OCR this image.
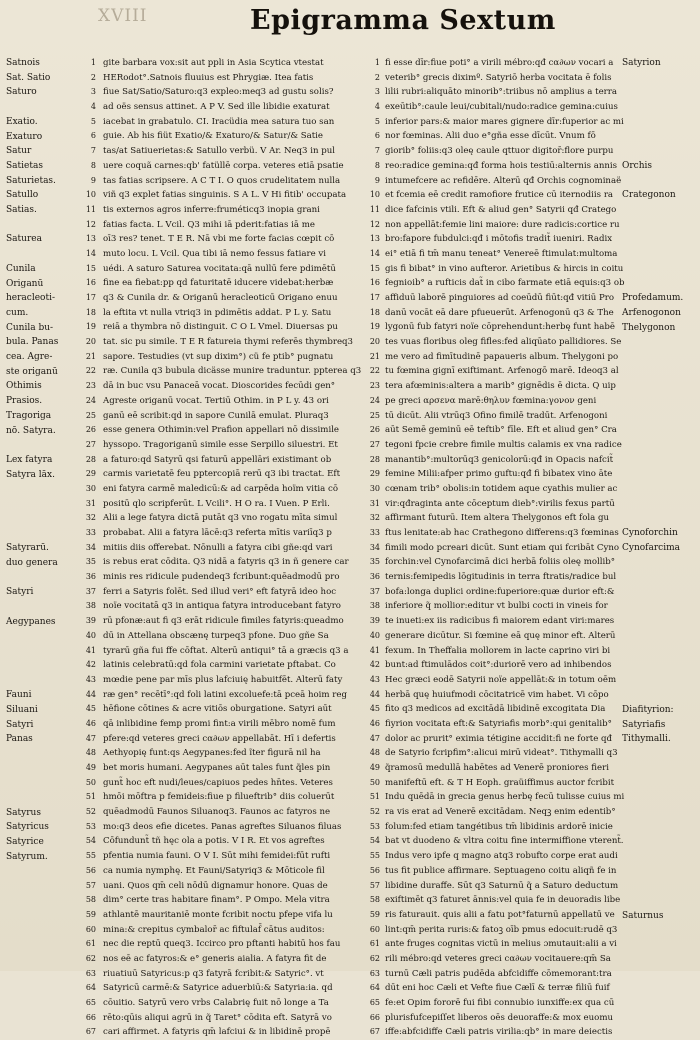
XVIII	Epigramma Sextum
Satnois
Sat. Satio
Saturo
Exatio.
Exaturo
Satur
Satietas
Saturietas.
Satullo
Satias.
Saturea
Cunila
Origanū
heracleoti-
cum.
Cunila bu-
bula. Panas
cea. Agre-
ste origanū
Othimis
Prasios.
Tragoriga
nō. Satyra.
Lex fatyra
Satyra lāx.
Satyrarū.
duo genera
Satyri
Aegypanes
Fauni
Siluani
Satyri
Panas
Satyrus
Satyricus
Satyrice
Satyrum.
1
2
3
4
5
6
7
8
9
10
11
12
13
14
15
16
17
18
19
20
21
22
23
24
25
26
27
28
29
30
31
32
33
34
35
36
37
38
39
40
41
42
43
44
45
46
47
48
49
50
51
52
53
54
55
56
57
58
59
60
61
62
63
64
65
66
67
gite barbara vox:sit aut ppli in Asia Scytica vtestat
HERodot°.Satnois fluuius est Phrygiæ. Itea fatis
fiue Sat/Satio/Saturo:q3 expleo:meq3 ad gustu solis?
ad oës sensus attinet. A P V. Sed ille libidie exaturat
iacebat in grabatulo. CI. Iracüdia mea satura tuo san
guie. Ab his fiüt Exatio/& Exaturo/& Satur/& Satie
tas/at Satiuerietas:& Satullo verbü. V Ar. Neq3 in pul
uere coquã carnes:qb' fatüllē corpa. veteres etiā psatie
tas fatias scripsere. A C T I. O quos crudelitatem nulla
viñ q3 explet fatias singuinis. S A L. V Hi fitib' occupata
tis externos agros inferre:fruméticq3 inopia grani
fatias facta. L Vcil. Q3 mihi iā pderit:fatias iā me
oī3 res? tenet. T E R. Nā vbi me forte facias cœpit cō
muto locu. L Vcil. Qua tibi iā nemo fessus fatiare vi
uédi. A saturo Saturea vocitata:qā nullū fere pdimētū
fine ea fiebat:pp qd faturitatē iducere videbat:herbæ
q3 & Cunila dr. & Origanū heracleoticū Origano enuu
la eftita vt nulla vtriq3 in pdimētis addat. P L y. Satu
reiā a thymbra nō distinguit. C O L Vmel. Diuersas pu
tat. sic pu simile. T E R fatureia thymi referēs thymbreq3
sapore. Testudies (vt sup dixim°) cü fe ptib° pugnatu
ræ. Cunila q3 bubula dicässe munire traduntur. ppterea q3
dā in buc vsu Panaceā vocat. Dioscorides fecūdi gen°
Agreste origanū vocat. Tertiū Othim. in P L y. 43 ori
ganū eē scribit:qd in sapore Cunilā emulat. Pluraq3
esse genera Othimin:vel Prafion appellari nō dissimile
hyssopo. Tragoriganū simile esse Serpillo siluestri. Et
a faturo:qd Satyrū qsi faturū appellāri existimant ob
carmis varietatē feu pptercopiā rerū q3 ibi tractat. Eft
eni fatyra carmē maledicū:& ad carpēda hoïm vitia cō
positū qlo scripferūt. L Vcili°. H O ra. I Vuen. P Erli.
Alii a lege fatyra dictā putāt q3 vno rogatu mīta simul
probabat. Alii a fatyra lācē:q3 referta mītis variīq3 p
mitiis diis offerebat. Nōnulli a fatyra cibi gñe:qd vari
is rebus erat cōdita. Q3 nidā a fatyris q3 in ñ genere car
minis res ridicule pudendeq3 fcribunt:quēadmodū pro
ferri a Satyris folēt. Sed illud veri° eft fatyrā ideo hoc
noïe vocitatā q3 in antiqua fatyra introducebant fatyro
rū pfonæ:aut fi q3 erāt ridicule fimiles fatyris:queadmo
dū in Attellana obscænę turpeq3 pfone. Duo gñe Sa
tyrarū gña fui ffe cōftat. Alterū antiqui° tā a græcis q3 a
latinis celebratū:qd fola carmini varietate pftabat. Co
mœdie pene par mīs plus lafciuię habuitfēt. Alterū faty
ræ gen° recētī°:qd foli latini excoluefe:tā pceā hoim reg
hēfione cōtines & acre vitiōs oburgatione. Satyri aūt
qā inlibidine femp promi fint:a virili mēbro nomē fum
pfere:qd veteres greci cα∂ων appellabāt. Hī i defertis
Aethyopię funt:qs Aegypanes:fed ĩter figurā nil ha
bet moris humani. Aegypanes aūt tales funt q̃les pin
gunt̃ hoc eft nudi/leues/capiuos pedes hn̄tes. Veteres
hmōi mōftra p femideis:fiue p filueftrib° diis coluerūt
quēadmodū Faunos Siluanoq3. Faunos ac fatyros ne
mo:q3 deos efie dicetes. Panas agreftes Siluanos filuas
Cōfundunt̃ tñ hęc ola a potis. V I R. Et vos agreftes
pfentia numia fauni. O V I. Sūt mihi femidei:fūt rufti
ca numia nymphę. Et Fauni/Satyriq3 & Mōticole fil
uani. Quos qm̄ celi nōdū dignamur honore. Quas de
dim° certe tras habitare finam°. P Ompo. Mela vitra
athlantē mauritaniē monte fcribit noctu pfepe vifa lu
mina:& crepitus cymbalor̄ ac fiftulaf̄ cātus auditos:
nec die reptū queq3. Iccirco pro pftanti habitū hos fau
nos eē ac fatyros:& e° generis aialia. A fatyra fit de
riuatiuū Satyricus:p q3 fatyrā fcribit:& Satyric°. vt
Satyricū carmē:& Satyrice aduerbiū:& Satyria:ia. qd
cōuitio. Satyrū vero vrbs Calabrię fuit nō longe a Ta
rēto:qūis aliqui agrū in q̃ Taret° cōdita eft. Satyrā vo
cari affirmet. A fatyris qm̄ lafciui & in libidinē propē
1
2
3
4
5
6
7
8
9
10
11
12
13
14
15
16
17
18
19
20
21
22
23
24
25
26
27
28
29
30
31
32
33
34
35
36
37
38
39
40
41
42
43
44
45
46
47
48
49
50
51
52
53
54
55
56
57
58
59
60
61
62
63
64
65
66
67
fi esse dīr:fiue poti° a virili mébro:qđ cα∂ων vocari a
veterib° grecis diximº. Satyriō herba vocitata ē folis
lilii rubri:aliquāto minorib°:triibus nō amplius a terra
exeūtib°:caule leui/cubitali/nudo:radice gemina:cuius
inferior pars:& maior mares gignere dīr:fuperior ac mi
nor fœminas. Alii duo e°gña esse dīcūt. Vnum fō
giorib° foliis:q3 oleę caule qttuor digitor̄:flore purpu
reo:radice gemina:qđ forma hois testiū:alternis annis
intumefcere ac refidēre. Alterū qđ Orchis cognominaë
et fcemia eē credit ramofiore frutice cū iternodiis ra
dice fafcinis vtili. Eft & aliud gen° Satyrii qđ Cratego
non appellāt:femie lini maiore: dure radicis:cortice ru
bro:fapore fubdulci:qđ i mōtofis tradit̃ iueniri. Radix
ei° etiā fi tm̄ manu teneat° Venereē ftimulat:multoma
gis fi bibat° in vino aufteror. Arietibus & hircis in coitu
fegnioib° a rufticis dat̃ in cibo farmate etiā equis:q3 ob
affiduū laborē pinguiores ad coeūdū fiūt:qđ vitiū Pro
danū vocāt eā dare pfueuerūt. Arfenogonū q3 & The
lygonū fub fatyri noïe cōprehendunt:herbę funt habē
tes vuas floribus oleg fifles:fed aliqūato pallidiores. Se
me vero ad fimītudinē papaueris album. Thelygoni po
tu fœmina gignī exiftimant. Arfenogō marē. Ideoq3 al
tera afœminis:altera a marib° gignēdis ē dicta. Q uip
pe greci αρσενα marē:θηλυν fœmina:γονον geni
tū dicūt. Alii vtrūq3 Ofino fimilē tradūt. Arfenogoni
aūt Semē geminū eē teftib° fīle. Eft et aliud gen° Cra
tegoni fpcie crebre fimile multis calamis ex vna radice
manantib°:multorūq3 genicolorū:qđ in Opacis nafcit̃
femine Milii:afper primo guftu:qđ fi bibatex vino āte
cœnam trib° obolis:in totidem aque cyathis mulier ac
vir:qđraginta ante cōceptum dieb°:virilis fexus partū
affirmant futurū. Item altera Thelygonos eft fola gu
ftus lenitate:ab hac Crathegono differens:q3 fœminas
fimili modo pcreari dicūt. Sunt etiam qui fcribāt Cyno
forchin:vel Cynofarcimā dici herbā foliis oleę mollib°
ternis:femipedis lōgitudinis in terra ftratis/radice bul
bofa:longa duplici ordine:fuperiore:quæ durior eft:&
inferiore q̃ mollior:editur vt bulbi cocti in vineis for
te inueti:ex iis radicibus fi maiorem edant viri:mares
generare dicūtur. Si fœmine eā quę minor eft. Alterū
fexum. In Theffalia mollorem in lacte caprino viri bi
bunt:ad ftimulādos coit°:duriorē vero ad inhibendos
Hec græci eodē Satyrii noïe appellāt:& in totum oēm
herbā quę huiufmodi cōcitatricē vim habet. Vi cōpo
fito q3 medicos ad excitādā libidinē excogitata Dia
fiyrion vocitata eft:& Satyriafis morb°:qui genitalib°
dolor ac prurit° eximia tétigine accidit:fi ne forte qđ
de Satyrio fcripfim°:alicui mirū videat°. Tithymalli q3
q̃ramosū medullā habētes ad Venerē proniores fieri
manifeftū eft. & T H Eoph. graüiffimus auctor fcribit
Indu quēdā in grecia genus herbę fecū tulisse cuius mi
ra vis erat ad Venerē excitādam. Neqꝫ enim edentib°
folum:fed etiam tangétibus tm̄ libidinis ardorē inicie
bat vt duodeno & vltra coitu fine intermiffione vterent̃.
Indus vero ipfe q magno atq3 robufto corpe erat audi
tus fit publice affirmare. Septuageno coitu aliqñ fe in
libidine duraffe. Sūt q3 Saturnū q̃ a Saturo deductum
exiftimēt q3 faturet ānnis:vel quia fe in deuoradis libe
ris faturauit. quis alii a fatu pot°faturnū appellatū ve
lint:qm̄ perita ruris:& fatoꝫ oīb pmus edocuit:rudē q3
ante fruges cognitas victū in melius ɔmutauit:alii a vi
rili mébro:qd veteres greci cα∂ων vocitauere:qm̄ Sa
turnū Cæli patris pudēda abfcidiffe cōmemorant:tra
dūt eni hoc Cæli et Vefte fiue Cælī & terræ filiū fuif
fe:et Opim fororē fui fibi connubio iunxiffe:ex qua cū
plurisfufcepiſſet liberos oēs deuoraffe:& mox euomu
iffe:abfcidiffe Cæli patris virilia:qb° in mare deiectis
Satyrion
Orchis
Crategonon
Profedamum.
Arfenogonon
Thelygonon
Cynoforchin
Cynofarcima
Diafityrion:
Satyriafis
Tithymalli.
Saturnus
